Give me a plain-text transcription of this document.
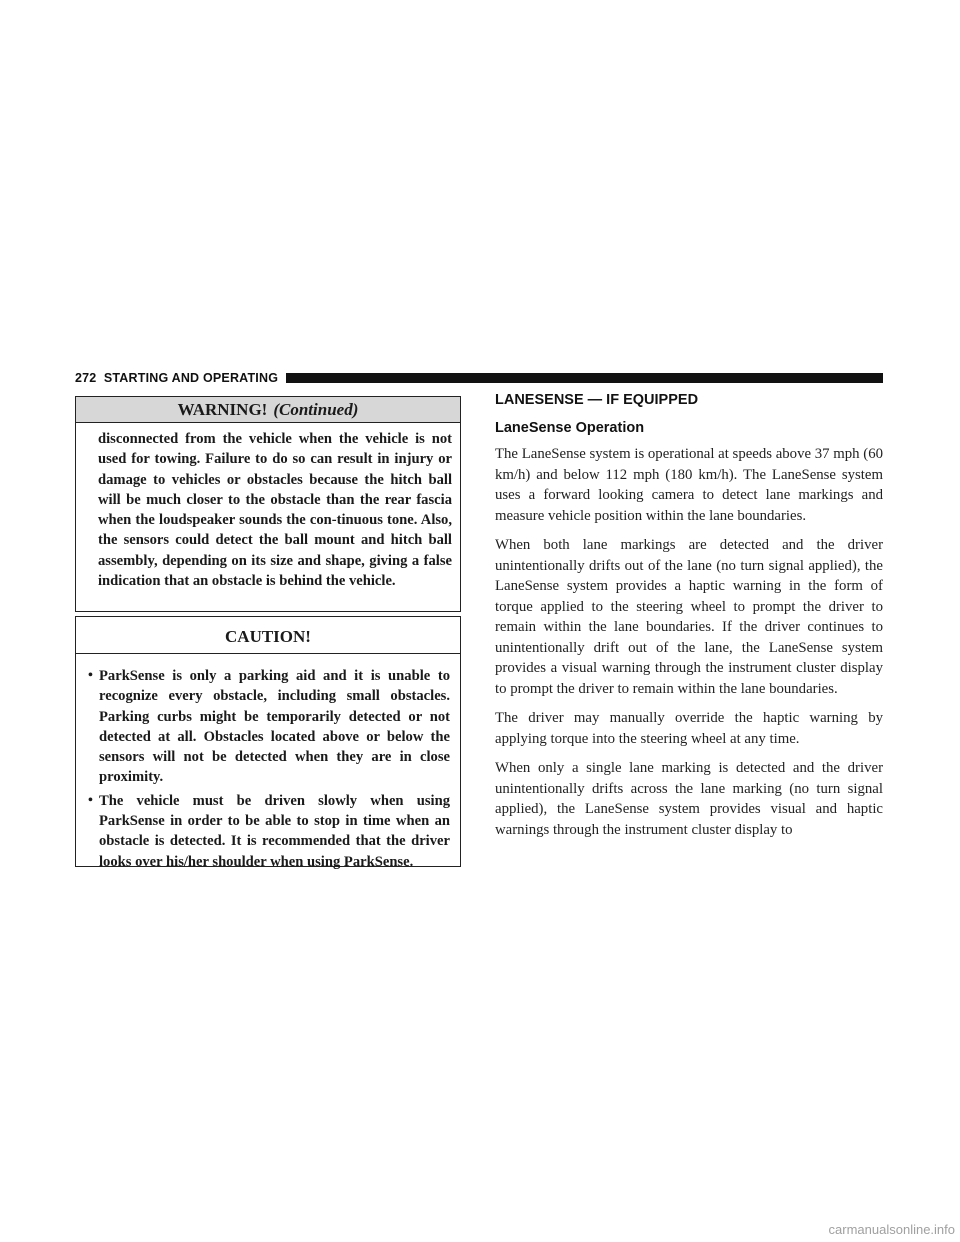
272 STARTING AND OPERATING
WARNING! (Continued)
disconnected from the vehicle when the vehicle is not used for towing. Failure to do so can result in injury or damage to vehicles or obstacles because the hitch ball will be much closer to the obstacle than the rear fascia when the loudspeaker sounds the con-tinuous tone. Also, the sensors could detect the ball mount and hitch ball assembly, depending on its size and shape, giving a false indication that an obstacle is behind the vehicle.
CAUTION!
• ParkSense is only a parking aid and it is unable to recognize every obstacle, including small obstacles. Parking curbs might be temporarily detected or not detected at all. Obstacles located above or below the sensors will not be detected when they are in close proximity.
• The vehicle must be driven slowly when using ParkSense in order to be able to stop in time when an obstacle is detected. It is recommended that the driver looks over his/her shoulder when using ParkSense.
LANESENSE — IF EQUIPPED
LaneSense Operation

The LaneSense system is operational at speeds above 37 mph (60 km/h) and below 112 mph (180 km/h). The LaneSense system uses a forward looking camera to detect lane markings and measure vehicle position within the lane boundaries.

When both lane markings are detected and the driver unintentionally drifts out of the lane (no turn signal applied), the LaneSense system provides a haptic warning in the form of torque applied to the steering wheel to prompt the driver to remain within the lane boundaries. If the driver continues to unintentionally drift out of the lane, the LaneSense system provides a visual warning through the instrument cluster display to prompt the driver to remain within the lane boundaries.

The driver may manually override the haptic warning by applying torque into the steering wheel at any time.

When only a single lane marking is detected and the driver unintentionally drifts across the lane marking (no turn signal applied), the LaneSense system provides visual and haptic warnings through the instrument cluster display to

carmanualsonline.info
